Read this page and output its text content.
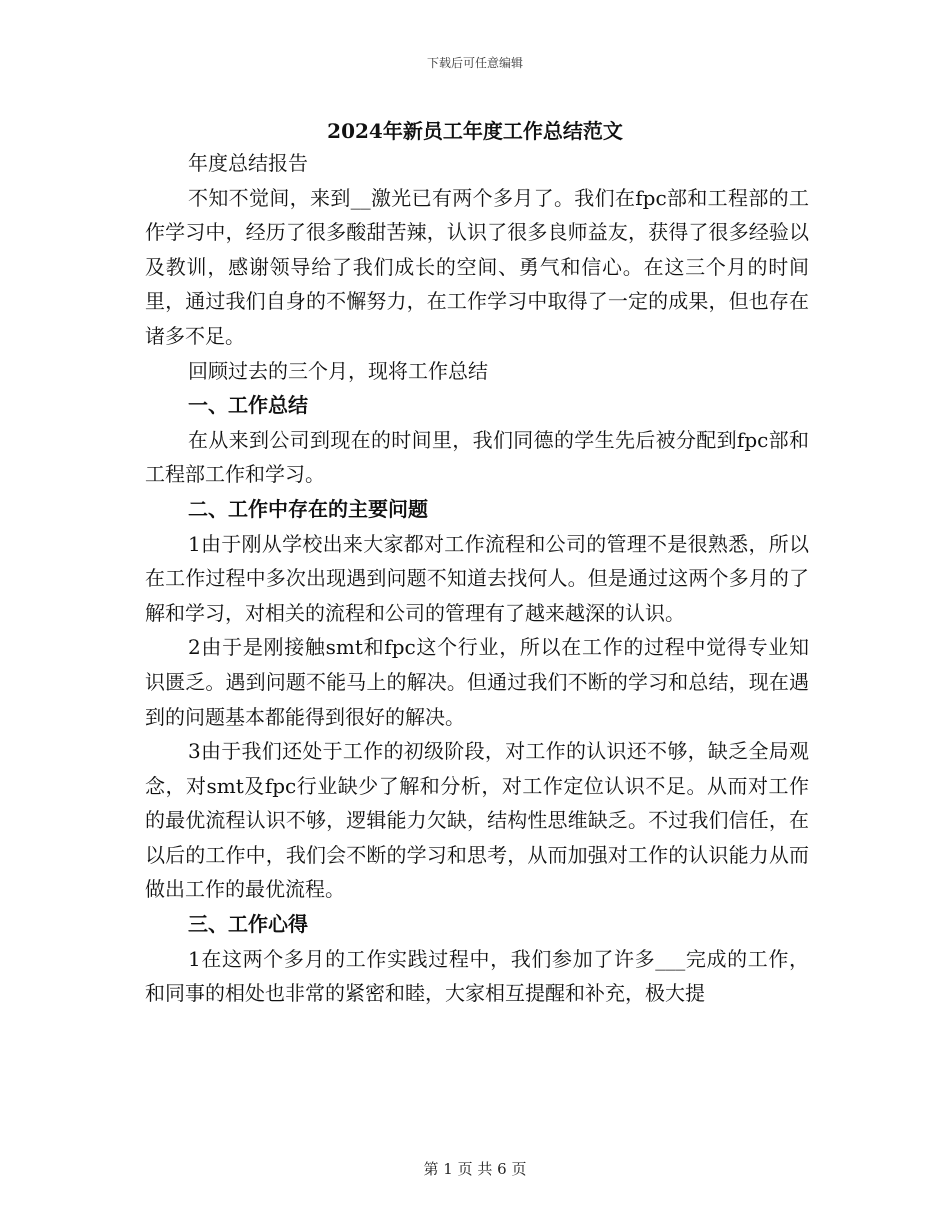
下载后可任意编辑
2024年新员工年度工作总结范文

年度总结报告

不知不觉间，来到__激光已有两个多月了。我们在fpc部和工程部的工作学习中，经历了很多酸甜苦辣，认识了很多良师益友，获得了很多经验以及教训，感谢领导给了我们成长的空间、勇气和信心。在这三个月的时间里，通过我们自身的不懈努力，在工作学习中取得了一定的成果，但也存在诸多不足。

回顾过去的三个月，现将工作总结

一、工作总结

在从来到公司到现在的时间里，我们同德的学生先后被分配到fpc部和工程部工作和学习。

二、工作中存在的主要问题

1由于刚从学校出来大家都对工作流程和公司的管理不是很熟悉，所以在工作过程中多次出现遇到问题不知道去找何人。但是通过这两个多月的了解和学习，对相关的流程和公司的管理有了越来越深的认识。

2由于是刚接触smt和fpc这个行业，所以在工作的过程中觉得专业知识匮乏。遇到问题不能马上的解决。但通过我们不断的学习和总结，现在遇到的问题基本都能得到很好的解决。

3由于我们还处于工作的初级阶段，对工作的认识还不够，缺乏全局观念，对smt及fpc行业缺少了解和分析，对工作定位认识不足。从而对工作的最优流程认识不够，逻辑能力欠缺，结构性思维缺乏。不过我们信任，在以后的工作中，我们会不断的学习和思考，从而加强对工作的认识能力从而做出工作的最优流程。

三、工作心得

1在这两个多月的工作实践过程中，我们参加了许多___完成的工作，和同事的相处也非常的紧密和睦，大家相互提醒和补充，极大提

第 1 页 共 6 页
